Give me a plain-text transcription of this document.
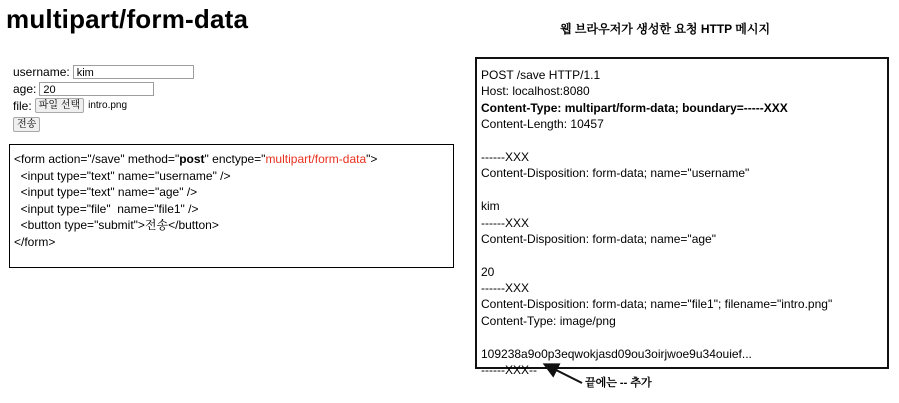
multipart/form-data
username: kim
age: 20
file: 파일 선택 intro.png
전송
<form action="/save" method="post" enctype="multipart/form-data">
<input type="text" name="username" />
<input type="text" name="age" />
<input type="file"  name="file1" />
<button type="submit">전송</button>
</form>
웹 브라우저가 생성한 요청 HTTP 메시지
POST /save HTTP/1.1
Host: localhost:8080
Content-Type: multipart/form-data; boundary=-----XXX
Content-Length: 10457
------XXX
Content-Disposition: form-data; name="username"
kim
------XXX
Content-Disposition: form-data; name="age"
20
------XXX
Content-Disposition: form-data; name="file1"; filename="intro.png"
Content-Type: image/png
109238a9o0p3eqwokjasd09ou3oirjwoe9u34ouief...
------XXX--
끝에는 -- 추가
